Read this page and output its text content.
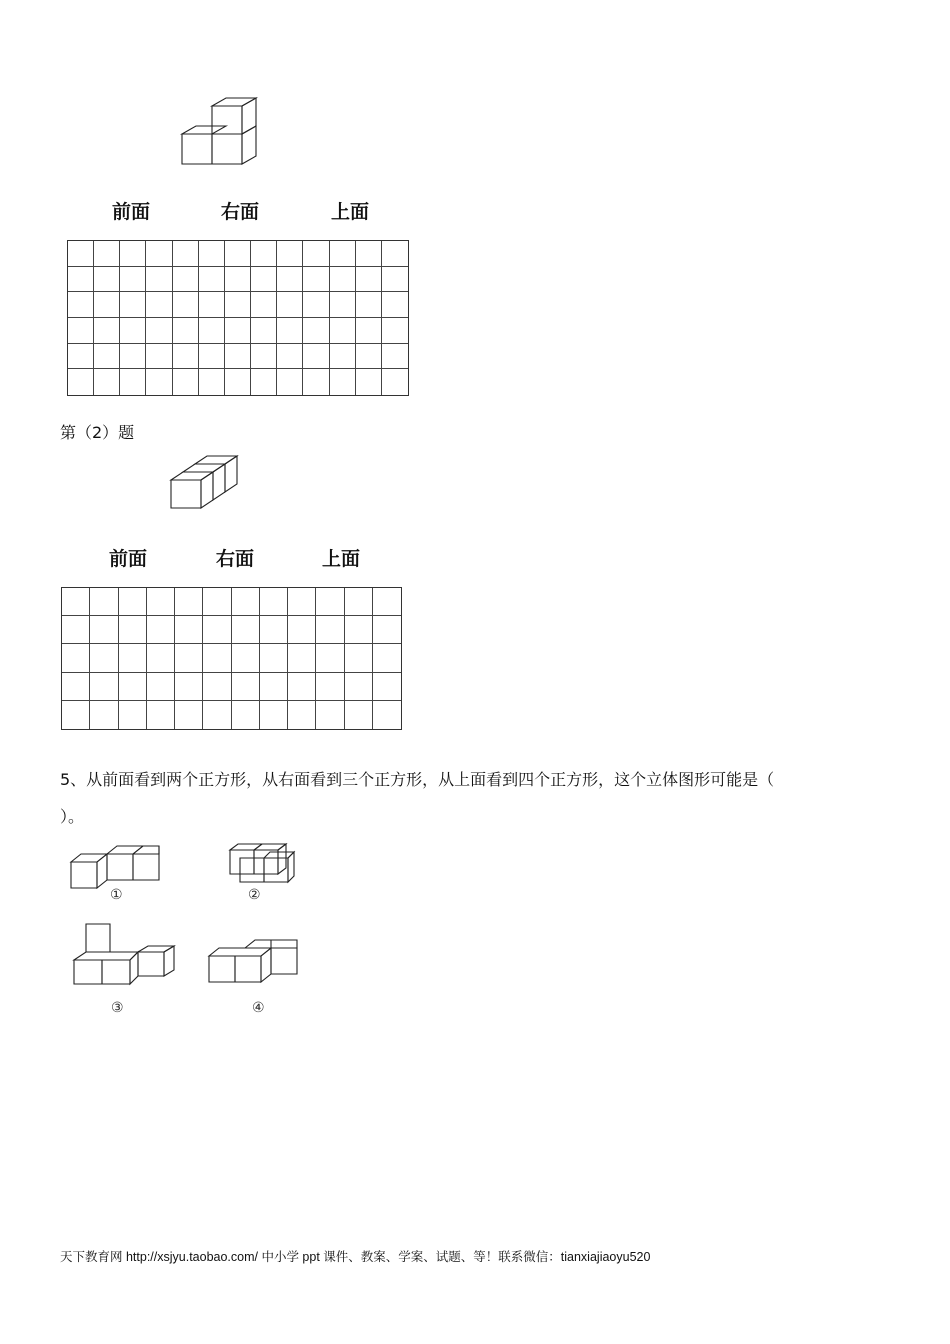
前面	右面	上面
第（2）题
前面	右面	上面
5、从前面看到两个正方形，从右面看到三个正方形，从上面看到四个正方形，这个立体图形可能是（
）。
①	②
③	④
天下教育网 http://xsjyu.taobao.com/ 中小学 ppt 课件、教案、学案、试题、等！联系微信：tianxiajiaoyu520
